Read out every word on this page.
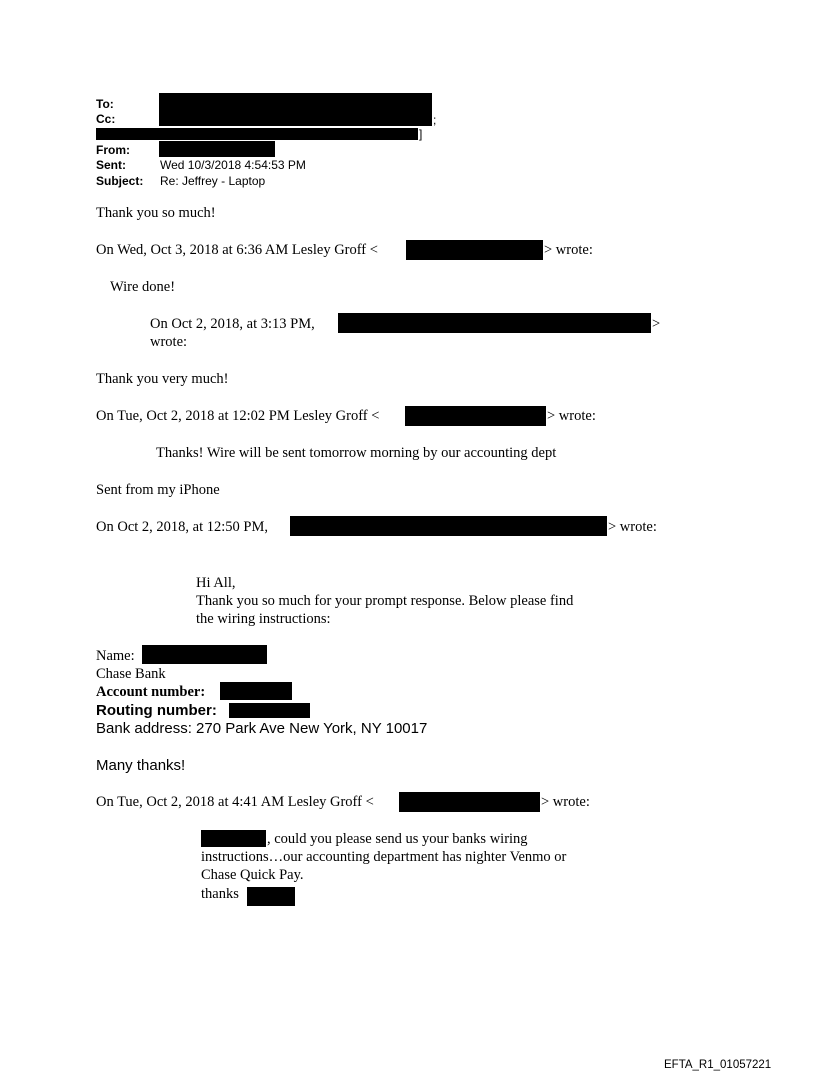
To:
Cc:	;
]
From:
Sent:	Wed 10/3/2018 4:54:53 PM
Subject: Re: Jeffrey - Laptop
Thank you so much!
On Wed, Oct 3, 2018 at 6:36 AM Lesley Groff <	> wrote:
Wire done!
On Oct 2, 2018, at 3:13 PM,	>
wrote:
Thank you very much!
On Tue, Oct 2, 2018 at 12:02 PM Lesley Groff <	> wrote:
Thanks! Wire will be sent tomorrow morning by our accounting dept
Sent from my iPhone
On Oct 2, 2018, at 12:50 PM,	> wrote:
Hi All,
Thank you so much for your prompt response. Below please find
the wiring instructions:
Name:
Chase Bank
Account number:
Routing number:
Bank address: 270 Park Ave New York, NY 10017
Many thanks!
On Tue, Oct 2, 2018 at 4:41 AM Lesley Groff <	> wrote:
, could you please send us your banks wiring
instructions…our accounting department has nighter Venmo or
Chase Quick Pay.
thanks
EFTA_R1_01057221
